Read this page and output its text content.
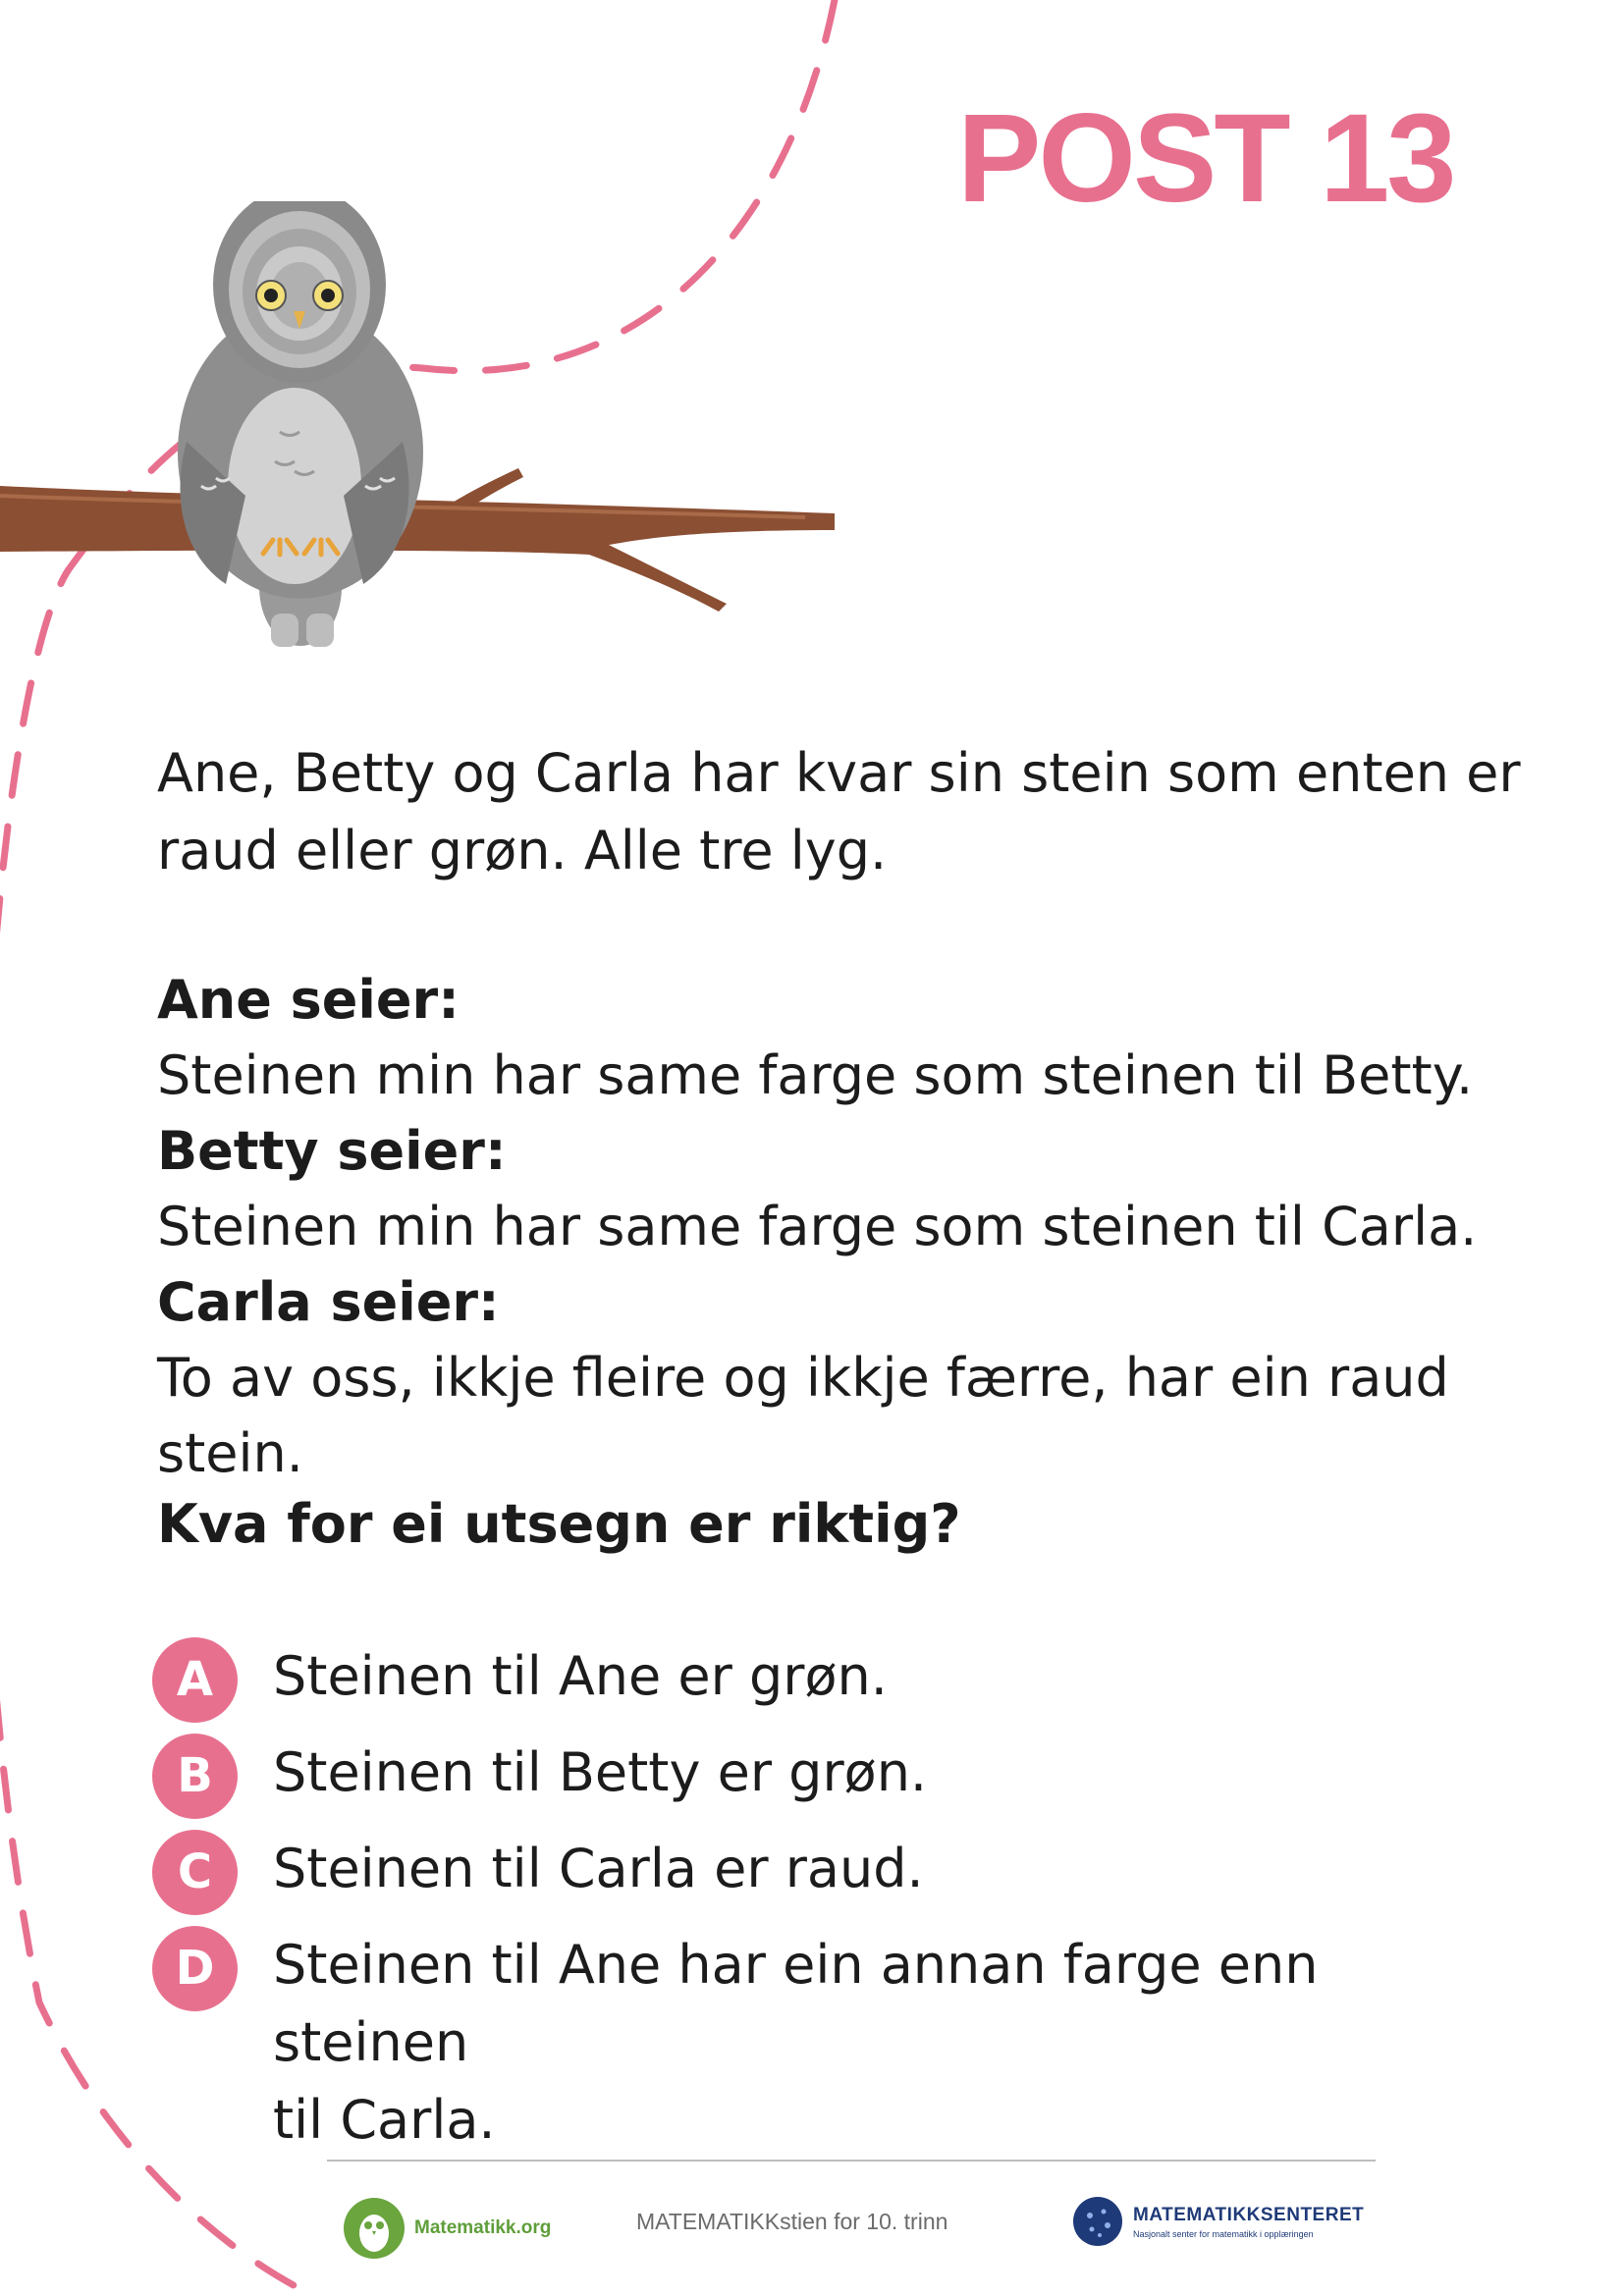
POST 13

Ane, Betty og Carla har kvar sin stein som enten er
raud eller grøn. Alle tre lyg.

Ane seier:
Steinen min har same farge som steinen til Betty.
Betty seier:
Steinen min har same farge som steinen til Carla.
Carla seier:
To av oss, ikkje fleire og ikkje færre, har ein raud stein.

Kva for ei utsegn er riktig?

A	Steinen til Ane er grøn.
B	Steinen til Betty er grøn.
C	Steinen til Carla er raud.
D	Steinen til Ane har ein annan farge enn steinen
til Carla.
Matematikk.org	MATEMATIKKstien for 10. trinn	MATEMATIKKSENTERET
Nasjonalt senter for matematikk i opplæringen
